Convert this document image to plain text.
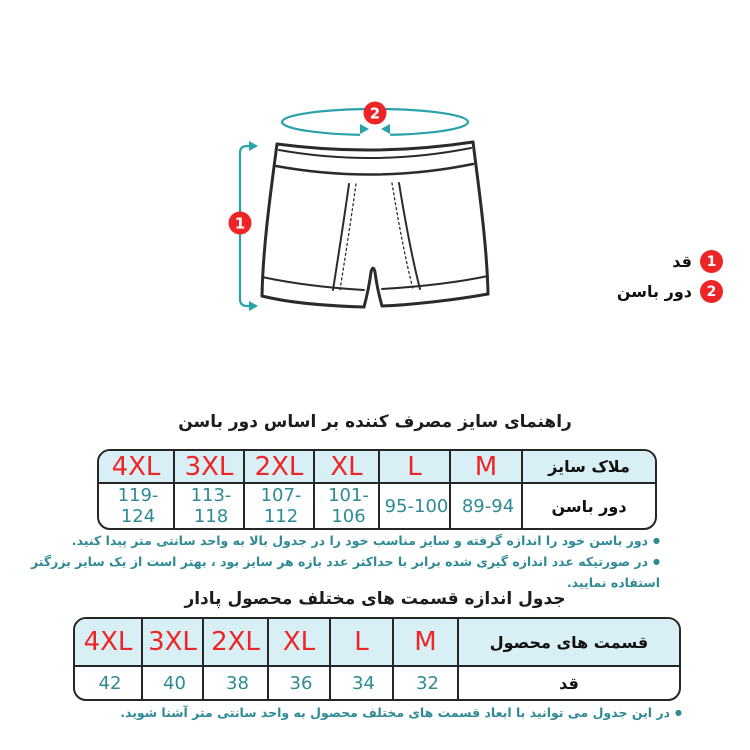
2
1
1
قد
2
دور باسن
راهنمای سایز مصرف کننده بر اساس دور باسن
ملاک سایز	M	L	XL	2XL	3XL	4XL
دور باسن	89-94	95-100	101-106	107-112	113-118	119-124
● دور باسن خود را اندازه گرفته و سایز مناسب خود را در جدول بالا به واحد سانتی متر پیدا کنید.
● در صورتیکه عدد اندازه گیری شده برابر با حداکثر عدد بازه هر سایز بود ، بهتر است از یک سایز بزرگتر استفاده نمایید.
جدول اندازه قسمت های مختلف محصول پادار
قسمت های محصول	M	L	XL	2XL	3XL	4XL
قد	32	34	36	38	40	42
● در این جدول می توانید با ابعاد قسمت های مختلف محصول به واحد سانتی متر آشنا شوید.
